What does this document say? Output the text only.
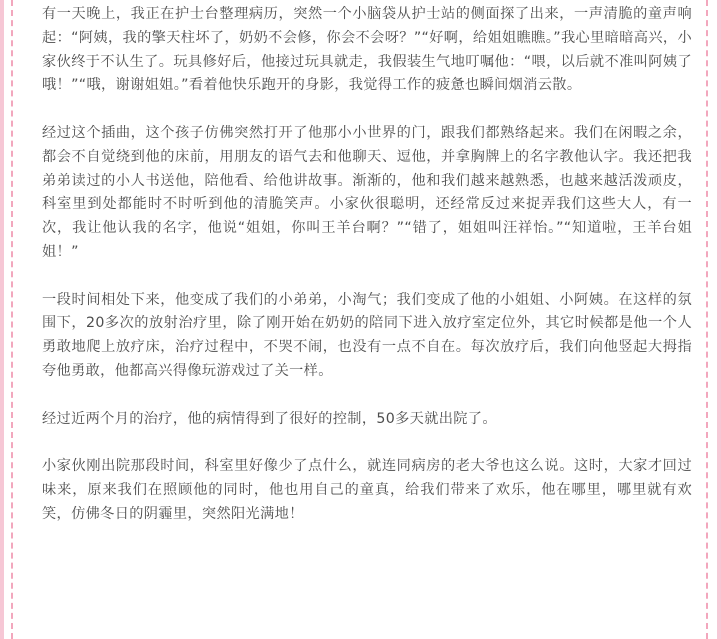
有一天晚上，我正在护士台整理病历，突然一个小脑袋从护士站的侧面探了出来，一声清脆的童声响起：“阿姨，我的擎天柱坏了，奶奶不会修，你会不会呀？”“好啊，给姐姐瞧瞧。”我心里暗暗高兴，小家伙终于不认生了。玩具修好后，他接过玩具就走，我假装生气地叮嘱他：“喂，以后就不准叫阿姨了哦！”“哦，谢谢姐姐。”看着他快乐跑开的身影，我觉得工作的疲惫也瞬间烟消云散。

经过这个插曲，这个孩子仿佛突然打开了他那小小世界的门，跟我们都熟络起来。我们在闲暇之余，都会不自觉绕到他的床前，用朋友的语气去和他聊天、逗他，并拿胸牌上的名字教他认字。我还把我弟弟读过的小人书送他，陪他看、给他讲故事。渐渐的，他和我们越来越熟悉，也越来越活泼顽皮，科室里到处都能时不时听到他的清脆笑声。小家伙很聪明，还经常反过来捉弄我们这些大人，有一次，我让他认我的名字，他说“姐姐，你叫王羊台啊？”“错了，姐姐叫汪祥怡。”“知道啦，王羊台姐姐！”

一段时间相处下来，他变成了我们的小弟弟，小淘气；我们变成了他的小姐姐、小阿姨。在这样的氛围下，20多次的放射治疗里，除了刚开始在奶奶的陪同下进入放疗室定位外，其它时候都是他一个人勇敢地爬上放疗床，治疗过程中，不哭不闹，也没有一点不自在。每次放疗后，我们向他竖起大拇指夸他勇敢，他都高兴得像玩游戏过了关一样。

经过近两个月的治疗，他的病情得到了很好的控制，50多天就出院了。

小家伙刚出院那段时间，科室里好像少了点什么，就连同病房的老大爷也这么说。这时，大家才回过味来，原来我们在照顾他的同时，他也用自己的童真，给我们带来了欢乐，他在哪里，哪里就有欢笑，仿佛冬日的阴霾里，突然阳光满地！
